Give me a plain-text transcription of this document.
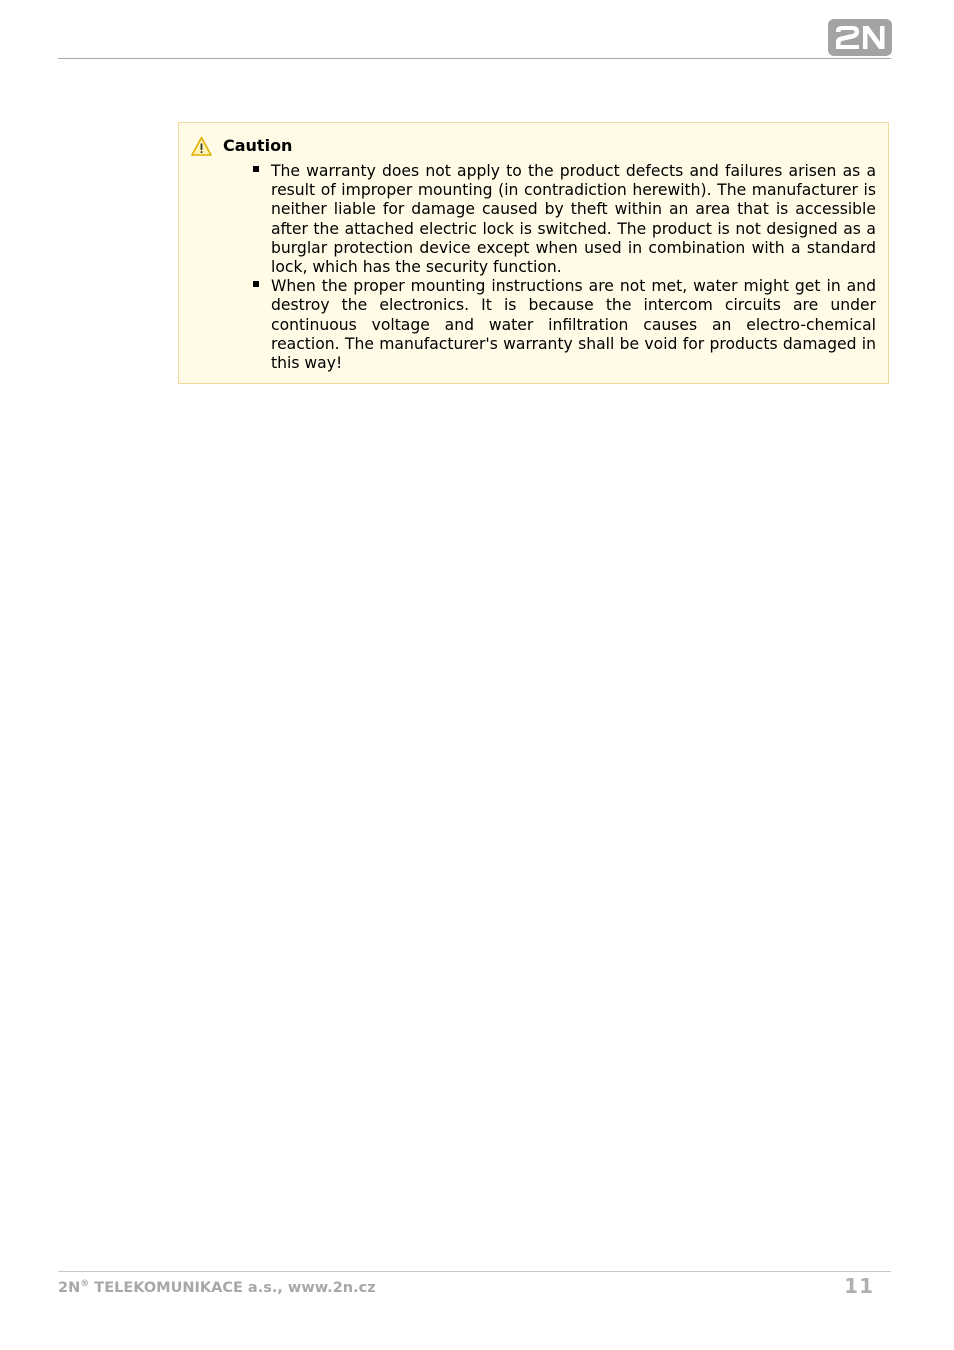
Caution
The warranty does not apply to the product defects and failures arisen as a result of improper mounting (in contradiction herewith). The manufacturer is neither liable for damage caused by theft within an area that is accessible after the attached electric lock is switched. The product is not designed as a burglar protection device except when used in combination with a standard lock, which has the security function.
When the proper mounting instructions are not met, water might get in and destroy the electronics. It is because the intercom circuits are under continuous voltage and water infiltration causes an electro-chemical reaction. The manufacturer's warranty shall be void for products damaged in this way!
2N® TELEKOMUNIKACE a.s., www.2n.cz	11
